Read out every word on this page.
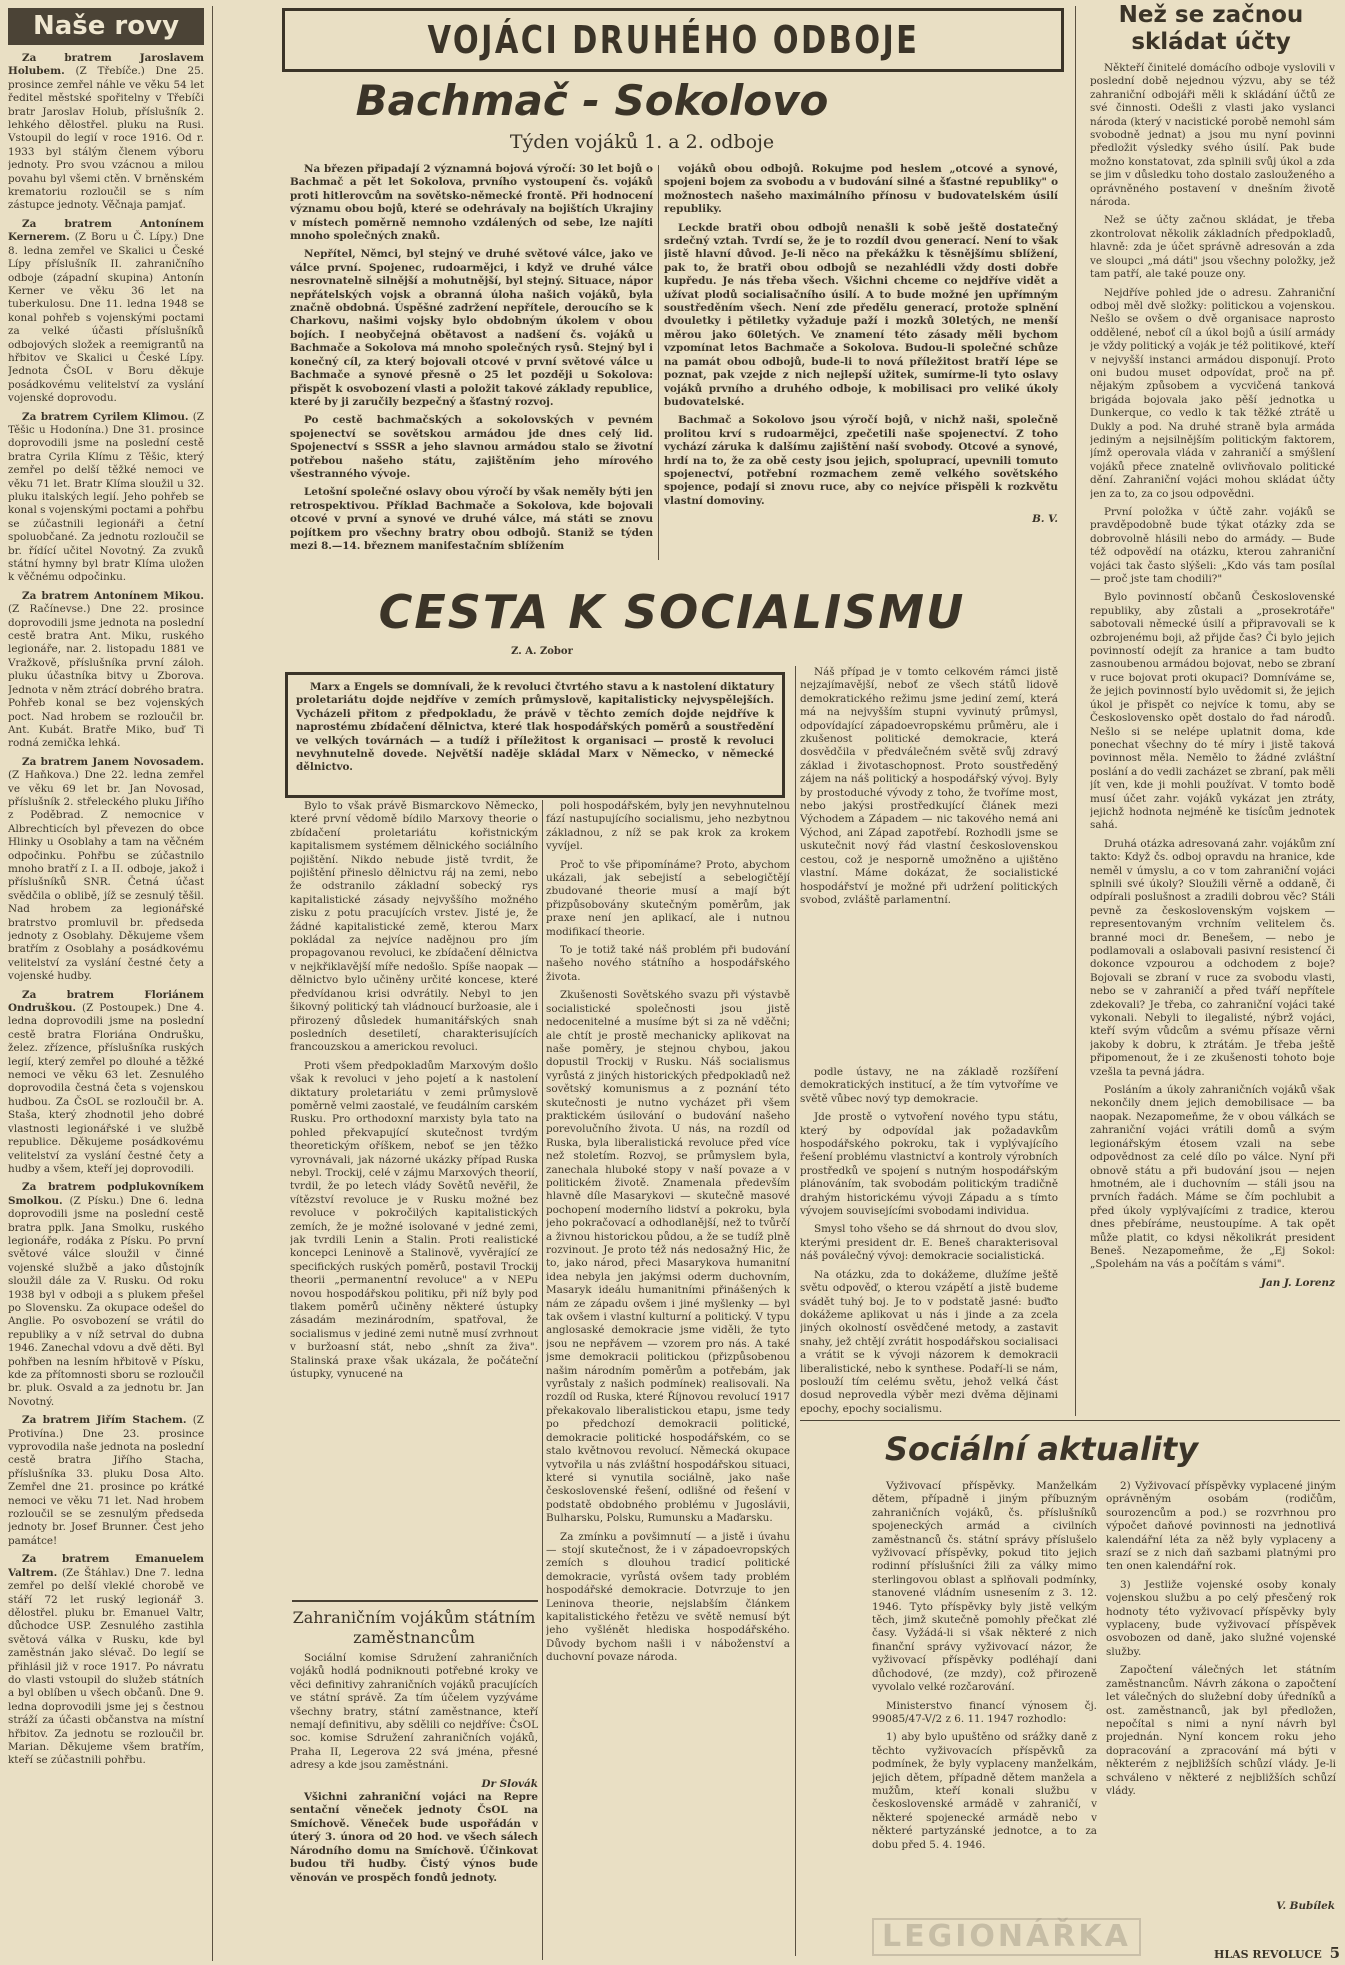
Naše rovy

Za bratrem Jaroslavem Holubem. (Z Třebíče.) Dne 25. prosince zemřel náhle ve věku 54 let ředitel městské spořitelny v Třebíči bratr Jaroslav Holub, příslušník 2. lehkého dělostřel. pluku na Rusi. Vstoupil do legií v roce 1916. Od r. 1933 byl stálým členem výboru jednoty. Pro svou vzácnou a milou povahu byl všemi ctěn. V brněnském krematoriu rozloučil se s ním zástupce jednoty. Věčnaja pamjať.

Za bratrem Antonínem Kernerem. (Z Boru u Č. Lípy.) Dne 8. ledna zemřel ve Skalici u České Lípy příslušník II. zahraničního odboje (západní skupina) Antonín Kerner ve věku 36 let na tuberkulosu. Dne 11. ledna 1948 se konal pohřeb s vojenskými poctami za velké účasti příslušníků odbojových složek a reemigrantů na hřbitov ve Skalici u České Lípy. Jednota ČsOL v Boru děkuje posádkovému velitelství za vyslání vojenské doprovodu.

Za bratrem Cyrilem Klimou. (Z Těšic u Hodonína.) Dne 31. prosince doprovodili jsme na poslední cestě bratra Cyrila Klímu z Těšic, který zemřel po delší těžké nemoci ve věku 71 let. Bratr Klíma sloužil u 32. pluku italských legií. Jeho pohřeb se konal s vojenskými poctami a pohřbu se zúčastnili legionáři a četní spoluobčané. Za jednotu rozloučil se br. řídící učitel Novotný. Za zvuků státní hymny byl bratr Klíma uložen k věčnému odpočinku.

Za bratrem Antonínem Mikou. (Z Račínevse.) Dne 22. prosince doprovodili jsme jednota na poslední cestě bratra Ant. Miku, ruského legionáře, nar. 2. listopadu 1881 ve Vražkově, příslušníka první záloh. pluku účastníka bitvy u Zborova. Jednota v něm ztrácí dobrého bratra. Pohřeb konal se bez vojenských poct. Nad hrobem se rozloučil br. Ant. Kubát. Bratře Miko, buď Ti rodná zemička lehká.

Za bratrem Janem Novosadem. (Z Haňkova.) Dne 22. ledna zemřel ve věku 69 let br. Jan Novosad, příslušník 2. střeleckého pluku Jiřího z Poděbrad. Z nemocnice v Albrechticích byl převezen do obce Hlinky u Osoblahy a tam na věčném odpočinku. Pohřbu se zúčastnilo mnoho bratří z I. a II. odboje, jakož i příslušníků SNR. Četná účast svědčila o oblibě, jíž se zesnulý těšil. Nad hrobem za legionářské bratrstvo promluvil br. předseda jednoty z Osoblahy. Děkujeme všem bratřím z Osoblahy a posádkovému velitelství za vyslání čestné čety a vojenské hudby.

Za bratrem Floriánem Ondruškou. (Z Postoupek.) Dne 4. ledna doprovodili jsme na poslední cestě bratra Floriána Ondrušku, želez. zřízence, příslušníka ruských legií, který zemřel po dlouhé a těžké nemoci ve věku 63 let. Zesnulého doprovodila čestná četa s vojenskou hudbou. Za ČsOL se rozloučil br. A. Staša, který zhodnotil jeho dobré vlastnosti legionářské i ve službě republice. Děkujeme posádkovému velitelství za vyslání čestné čety a hudby a všem, kteří jej doprovodili.

Za bratrem podplukovníkem Smolkou. (Z Písku.) Dne 6. ledna doprovodili jsme na poslední cestě bratra pplk. Jana Smolku, ruského legionáře, rodáka z Písku. Po první světové válce sloužil v činné vojenské službě a jako důstojník sloužil dále za V. Rusku. Od roku 1938 byl v odboji a s plukem přešel po Slovensku. Za okupace odešel do Anglie. Po osvobození se vrátil do republiky a v níž setrval do dubna 1946. Zanechal vdovu a dvě děti. Byl pohřben na lesním hřbitově v Písku, kde za přítomnosti sboru se rozloučil br. pluk. Osvald a za jednotu br. Jan Novotný.

Za bratrem Jiřím Stachem. (Z Protivína.) Dne 23. prosince vyprovodila naše jednota na poslední cestě bratra Jiřího Stacha, příslušníka 33. pluku Dosa Alto. Zemřel dne 21. prosince po krátké nemoci ve věku 71 let. Nad hrobem rozloučil se se zesnulým předseda jednoty br. Josef Brunner. Čest jeho památce!

Za bratrem Emanuelem Valtrem. (Ze Štáhlav.) Dne 7. ledna zemřel po delší vleklé chorobě ve stáří 72 let ruský legionář 3. dělostřel. pluku br. Emanuel Valtr, důchodce USP. Zesnulého zastihla světová válka v Rusku, kde byl zaměstnán jako slévač. Do legií se přihlásil již v roce 1917. Po návratu do vlasti vstoupil do služeb státních a byl oblíben u všech občanů. Dne 9. ledna doprovodili jsme jej s čestnou stráží za účasti občanstva na místní hřbitov. Za jednotu se rozloučil br. Marian. Děkujeme všem bratřím, kteří se zúčastnili pohřbu.

VOJÁCI DRUHÉHO ODBOJE
Bachmač - Sokolovo
Týden vojáků 1. a 2. odboje

Na březen připadají 2 významná bojová výročí: 30 let bojů o Bachmač a pět let Sokolova, prvního vystoupení čs. vojáků proti hitlerovcům na sovětsko-německé frontě. Při hodnocení významu obou bojů, které se odehrávaly na bojištích Ukrajiny v místech poměrně nemnoho vzdálených od sebe, lze najíti mnoho společných znaků.

Nepřítel, Němci, byl stejný ve druhé světové válce, jako ve válce první. Spojenec, rudoarmějci, i když ve druhé válce nesrovnatelně silnější a mohutnější, byl stejný. Situace, nápor nepřátelských vojsk a obranná úloha našich vojáků, byla značně obdobná. Úspěšné zadržení nepřítele, deroucího se k Charkovu, našimi vojsky bylo obdobným úkolem v obou bojích. I neobyčejná obětavost a nadšení čs. vojáků u Bachmače a Sokolova má mnoho společných rysů. Stejný byl i konečný cíl, za který bojovali otcové v první světové válce u Bachmače a synové přesně o 25 let později u Sokolova: přispět k osvobození vlasti a položit takové základy republice, které by ji zaručily bezpečný a šťastný rozvoj.

Po cestě bachmačských a sokolovských v pevném spojenectví se sovětskou armádou jde dnes celý lid. Spojenectví s SSSR a jeho slavnou armádou stalo se životní potřebou našeho státu, zajištěním jeho mírového všestranného vývoje.

Letošní společné oslavy obou výročí by však neměly býti jen retrospektivou. Příklad Bachmače a Sokolova, kde bojovali otcové v první a synové ve druhé válce, má státi se znovu pojítkem pro všechny bratry obou odbojů. Staniž se týden mezi 8.—14. březnem manifestačním sblížením

vojáků obou odbojů. Rokujme pod heslem „otcové a synové, spojeni bojem za svobodu a v budování silné a šťastné republiky" o možnostech našeho maximálního přínosu v budovatelském úsilí republiky.

Leckde bratři obou odbojů nenašli k sobě ještě dostatečný srdečný vztah. Tvrdí se, že je to rozdíl dvou generací. Není to však jistě hlavní důvod. Je-li něco na překážku k těsnějšímu sblížení, pak to, že bratři obou odbojů se nezahlédli vždy dosti dobře kupředu. Je nás třeba všech. Všichni chceme co nejdříve vidět a užívat plodů socialisačního úsilí. A to bude možné jen upřímným soustředěním všech. Není zde předělu generací, protože splnění dvouletky i pětiletky vyžaduje paží i mozků 30letých, ne menší měrou jako 60letých. Ve znamení této zásady měli bychom vzpomínat letos Bachmače a Sokolova. Budou-li společné schůze na památ obou odbojů, bude-li to nová příležitost bratří lépe se poznat, pak vzejde z nich nejlepší užitek, sumírme-li tyto oslavy vojáků prvního a druhého odboje, k mobilisaci pro veliké úkoly budovatelské.

Bachmač a Sokolovo jsou výročí bojů, v nichž naši, společně prolitou krví s rudoarmějci, zpečetili naše spojenectví. Z toho vychází záruka k dalšímu zajištění naší svobody. Otcové a synové, hrdí na to, že za obě cesty jsou jejich, spoluprací, upevnili tomuto spojenectví, potřební rozmachem země velkého sovětského spojence, podají si znovu ruce, aby co nejvíce přispěli k rozkvětu vlastní domoviny.

B. V.
CESTA K SOCIALISMU
Z. A. Zobor

Marx a Engels se domnívali, že k revoluci čtvrtého stavu a k nastolení diktatury proletariátu dojde nejdříve v zemích průmyslově, kapitalisticky nejvyspělejších. Vycházeli přitom z předpokladu, že právě v těchto zemích dojde nejdříve k naprostému zbídačení dělnictva, které tlak hospodářských poměrů a soustředění ve velkých továrnách — a tudíž i příležitost k organisaci — prostě k revoluci nevyhnutelně dovede. Největší naděje skládal Marx v Německo, v německé dělnictvo.

Náš případ je v tomto celkovém rámci jistě nejzajímavější, neboť ze všech států lidově demokratického režimu jsme jediní zemí, která má na nejvyšším stupni vyvinutý průmysl, odpovídající západoevropskému průměru, ale i zkušenost politické demokracie, která dosvědčila v předválečném světě svůj zdravý základ i životaschopnost. Proto soustředěný zájem na náš politický a hospodářský vývoj. Byly by prostoduché vývody z toho, že tvoříme most, nebo jakýsi prostředkující článek mezi Východem a Západem — nic takového nemá ani Východ, ani Západ zapotřebí. Rozhodli jsme se uskutečnit nový řád vlastní československou cestou, což je nesporně umožněno a ujištěno vlastní. Máme dokázat, že socialistické hospodářství je možné při udržení politických svobod, zvláště parlamentní.

Bylo to však právě Bismarckovo Německo, které první vědomě bídilo Marxovy theorie o zbídačení proletariátu kořistnickým kapitalismem systémem dělnického sociálního pojištění. Nikdo nebude jistě tvrdit, že pojištění přineslo dělnictvu ráj na zemi, nebo že odstranilo základní sobecký rys kapitalistické zásady nejvyššího možného zisku z potu pracujících vrstev. Jisté je, že žádné kapitalistické země, kterou Marx pokládal za nejvíce nadějnou pro jím propagovanou revoluci, ke zbídačení dělnictva v nejkřiklavější míře nedošlo. Spíše naopak — dělnictvo bylo učiněny určité koncese, které předvídanou krisi odvrátily. Nebyl to jen šikovný politický tah vládnoucí buržoasie, ale i přirozený důsledek humanitářských snah posledních desetiletí, charakterisujících francouzskou a americkou revoluci.

Proti všem předpokladům Marxovým došlo však k revoluci v jeho pojetí a k nastolení diktatury proletariátu v zemi průmyslově poměrně velmi zaostalé, ve feudálním carském Rusku. Pro orthodoxní marxisty byla tato na pohled překvapující skutečnost tvrdým theoretickým oříškem, neboť se jen těžko vyrovnávali, jak názorné ukázky případ Ruska nebyl. Trockij, celé v zájmu Marxových theorií, tvrdil, že po letech vlády Sovětů nevěřil, že vítězství revoluce je v Rusku možné bez revoluce v pokročilých kapitalistických zemích, že je možné isolované v jedné zemi, jak tvrdili Lenin a Stalin. Proti realistické koncepci Leninově a Stalinově, vyvěrající ze specifických ruských poměrů, postavil Trockij theorii „permanentní revoluce" a v NEPu novou hospodářskou politiku, při níž byly pod tlakem poměrů učiněny některé ústupky zásadám mezinárodním, spatřoval, že socialismus v jediné zemi nutně musí zvrhnout v buržoasní stát, nebo „shnít za živa". Stalinská praxe však ukázala, že počáteční ústupky, vynucené na

poli hospodářském, byly jen nevyhnutelnou fází nastupujícího socialismu, jeho nezbytnou základnou, z níž se pak krok za krokem vyvíjel.

Proč to vše připomínáme? Proto, abychom ukázali, jak sebejistí a sebelogičtějí zbudované theorie musí a mají být přizpůsobovány skutečným poměrům, jak praxe není jen aplikací, ale i nutnou modifikací theorie.

To je totiž také náš problém při budování našeho nového státního a hospodářského života.

Zkušenosti Sovětského svazu při výstavbě socialistické společnosti jsou jistě nedocenitelné a musíme být si za ně vděčni; ale chtít je prostě mechanicky aplikovat na naše poměry, je stejnou chybou, jakou dopustil Trockij v Rusku. Náš socialismus vyrůstá z jiných historických předpokladů než sovětský komunismus a z poznání této skutečnosti je nutno vycházet při všem praktickém úsilování o budování našeho porevolučního života. U nás, na rozdíl od Ruska, byla liberalistická revoluce před více než stoletím. Rozvoj, se průmyslem byla, zanechala hluboké stopy v naší povaze a v politickém životě. Znamenala především hlavně díle Masarykovi — skutečně masové pochopení moderního lidství a pokroku, byla jeho pokračovací a odhodlanější, než to tvůrčí a živnou historickou půdou, a že se tudíž plně rozvinout. Je proto též nás nedosažný Hic, že to, jako národ, přeci Masarykova humanitní idea nebyla jen jakýmsi oderm duchovním, Masaryk ideálu humanitními přinášených k nám ze západu ovšem i jiné myšlenky — byl tak ovšem i vlastní kulturní a politický. V typu anglosaské demokracie jsme viděli, že tyto jsou ne nepřávem — vzorem pro nás. A také jsme demokracii politickou (přizpůsobenou našim národním poměrům a potřebám, jak vyrůstaly z našich podmínek) realisovali. Na rozdíl od Ruska, které Říjnovou revolucí 1917 překakovalo liberalistickou etapu, jsme tedy po předchozí demokracii politické, demokracie politické hospodářském, co se stalo květnovou revolucí. Německá okupace vytvořila u nás zvláštní hospodářskou situaci, které si vynutila sociálně, jako naše československé řešení, odlišné od řešení v podstatě obdobného problému v Jugoslávii, Bulharsku, Polsku, Rumunsku a Maďarsku.

Za zmínku a povšimnutí — a jistě i úvahu — stojí skutečnost, že i v západoevropských zemích s dlouhou tradicí politické demokracie, vyrůstá ovšem tady problém hospodářské demokracie. Dotvrzuje to jen Leninova theorie, nejslabším článkem kapitalistického řetězu ve světě nemusí být jeho vyšlénět hlediska hospodářského. Důvody bychom našli i v náboženství a duchovní povaze národa.

podle ústavy, ne na základě rozšíření demokratických institucí, a že tím vytvoříme ve světě vůbec nový typ demokracie.

Jde prostě o vytvoření nového typu státu, který by odpovídal jak požadavkům hospodářského pokroku, tak i vyplývajícího řešení problému vlastnictví a kontroly výrobních prostředků ve spojení s nutným hospodářským plánováním, tak svobodám politickým tradičně drahým historickému vývoji Západu a s tímto vývojem souvisejícími svobodami individua.

Smysl toho všeho se dá shrnout do dvou slov, kterými president dr. E. Beneš charakterisoval náš poválečný vývoj: demokracie socialistická.

Na otázku, zda to dokážeme, dlužíme ještě světu odpověď, o kterou vzápětí a jistě budeme svádět tuhý boj. Je to v podstatě jasné: buďto dokážeme aplikovat u nás i jinde a za zcela jiných okolností osvědčené metody, a zastavit snahy, jež chtějí zvrátit hospodářskou socialisaci a vrátit se k vývoji názorem k demokracii liberalistické, nebo k synthese. Podaří-li se nám, poslouží tím celému světu, jehož velká část dosud neprovedla výběr mezi dvěma dějinami epochy, epochy socialismu.

Zahraničním vojákům státním zaměstnancům

Sociální komise Sdružení zahraničních vojáků hodlá podniknouti potřebné kroky ve věci definitivy zahraničních vojáků pracujících ve státní správě. Za tím účelem vyzýváme všechny bratry, státní zaměstnance, kteří nemají definitivu, aby sdělili co nejdříve: ČsOL soc. komise Sdružení zahraničních vojáků, Praha II, Legerova 22 svá jména, přesné adresy a kde jsou zaměstnáni.

Dr Slovák

Všichni zahraniční vojáci na Repre sentační věneček jednoty ČsOL na Smíchově. Věneček bude uspořádán v úterý 3. února od 20 hod. ve všech sálech Národního domu na Smíchově. Účinkovat budou tři hudby. Čistý výnos bude věnován ve prospěch fondů jednoty.

Než se začnou skládat účty

Někteří činitelé domácího odboje vyslovili v poslední době nejednou výzvu, aby se též zahraniční odbojáři měli k skládání účtů ze své činnosti. Odešli z vlasti jako vyslanci národa (který v nacistické porobě nemohl sám svobodně jednat) a jsou mu nyní povinni předložit výsledky svého úsilí. Pak bude možno konstatovat, zda splnili svůj úkol a zda se jim v důsledku toho dostalo zaslouženého a oprávněného postavení v dnešním životě národa.

Než se účty začnou skládat, je třeba zkontrolovat několik základních předpokladů, hlavně: zda je účet správně adresován a zda ve sloupci „má dáti" jsou všechny položky, jež tam patří, ale také pouze ony.

Nejdříve pohled jde o adresu. Zahraniční odboj měl dvě složky: politickou a vojenskou. Nešlo se ovšem o dvě organisace naprosto oddělené, neboť cíl a úkol bojů a úsilí armády je vždy politický a voják je též politikové, kteří v nejvyšší instanci armádou disponují. Proto oni budou muset odpovídat, proč na př. nějakým způsobem a vycvičená tanková brigáda bojovala jako pěší jednotka u Dunkerque, co vedlo k tak těžké ztrátě u Dukly a pod. Na druhé straně byla armáda jediným a nejsilnějším politickým faktorem, jímž operovala vláda v zahraničí a smýšlení vojáků přece znatelně ovlivňovalo politické dění. Zahraniční vojáci mohou skládat účty jen za to, za co jsou odpovědni.

První položka v účtě zahr. vojáků se pravděpodobně bude týkat otázky zda se dobrovolně hlásili nebo do armády. — Bude též odpovědí na otázku, kterou zahraniční vojáci tak často slýšeli: „Kdo vás tam posílal — proč jste tam chodili?"

Bylo povinností občanů Československé republiky, aby zůstali a „prosekrotáře" sabotovali německé úsilí a připravovali se k ozbrojenému boji, až přijde čas? Či bylo jejich povinností odejít za hranice a tam budto zasnoubenou armádou bojovat, nebo se zbraní v ruce bojovat proti okupaci? Domníváme se, že jejich povinností bylo uvědomit si, že jejich úkol je přispět co nejvíce k tomu, aby se Československo opět dostalo do řad národů. Nešlo si se nelépe uplatnit doma, kde ponechat všechny do té míry i jistě taková povinnost měla. Nemělo to žádné zvláštní poslání a do vedli zacházet se zbraní, pak měli jít ven, kde ji mohli používat. V tomto bodě musí účet zahr. vojáků vykázat jen ztráty, jejichž hodnota nejméně ke tisícům jednotek sahá.

Druhá otázka adresovaná zahr. vojákům zní takto: Když čs. odboj opravdu na hranice, kde neměl v úmyslu, a co v tom zahraniční vojáci splnili své úkoly? Sloužili věrně a oddaně, či odpírali poslušnost a zradili dobrou věc? Stáli pevně za československým vojskem — representovaným vrchním velitelem čs. branné moci dr. Benešem, — nebo je podlamovali a oslabovali pasivní resistencí či dokonce vzpourou a odchodem z boje? Bojovali se zbraní v ruce za svobodu vlasti, nebo se v zahraničí a před tváří nepřítele zdekovali? Je třeba, co zahraniční vojáci také vykonali. Nebyli to ilegalisté, nýbrž vojáci, kteří svým vůdcům a svému přísaze věrni jakoby k dobru, k ztrátám. Je třeba ještě připomenout, že i ze zkušenosti tohoto boje vzešla ta pevná jádra.

Posláním a úkoly zahraničních vojáků však nekončily dnem jejich demobilisace — ba naopak. Nezapomeňme, že v obou válkách se zahraniční vojáci vrátili domů a svým legionářským étosem vzali na sebe odpovědnost za celé dílo po válce. Nyní při obnově státu a při budování jsou — nejen hmotném, ale i duchovním — stáli jsou na prvních řadách. Máme se čím pochlubit a před úkoly vyplývajícími z tradice, kterou dnes přebíráme, neustoupíme. A tak opět může platit, co kdysi několikrát president Beneš. Nezapomeňme, že „Ej Sokol: „Spolehám na vás a počítám s vámi".

Jan J. Lorenz
Sociální aktuality

Vyživovací příspěvky. Manželkám dětem, případně i jiným příbuzným zahraničních vojáků, čs. příslušníků spojeneckých armád a civilních zaměstnanců čs. státní správy příslušelo vyživovací příspěvky, pokud tito jejich rodinní příslušníci žili za války mimo sterlingovou oblast a splňovali podmínky, stanovené vládním usnesením z 3. 12. 1946. Tyto příspěvky byly jistě velkým těch, jimž skutečně pomohly přečkat zlé časy. Vyžádá-li si však některé z nich finanční správy vyživovací názor, že vyživovací příspěvky podléhají dani důchodové, (ze mzdy), což přirozeně vyvolalo velké rozčarování.

Ministerstvo financí výnosem čj. 99085/47-V/2 z 6. 11. 1947 rozhodlo:

1) aby bylo upuštěno od srážky daně z těchto vyživovacích příspěvků za podmínek, že byly vyplaceny manželkám, jejich dětem, případně dětem manžela a mužům, kteří konali službu v československé armádě v zahraničí, v některé spojenecké armádě nebo v některé partyzánské jednotce, a to za dobu před 5. 4. 1946.

2) Vyživovací příspěvky vyplacené jiným oprávněným osobám (rodičům, sourozencům a pod.) se rozvrhnou pro výpočet daňové povinnosti na jednotlivá kalendářní léta za něž byly vyplaceny a srazí se z nich daň sazbami platnými pro ten onen kalendářní rok.

3) Jestliže vojenské osoby konaly vojenskou službu a po celý přesčený rok hodnoty této vyživovací příspěvky byly vyplaceny, bude vyživovací příspěvek osvobozen od daně, jako služné vojenské služby.

Započtení válečných let státním zaměstnancům. Návrh zákona o započtení let válečných do služební doby úředníků a ost. zaměstnanců, jak byl předložen, nepočítal s nimi a nyní návrh byl projednán. Nyní koncem roku jeho dopracování a zpracování má býti v některém z nejbližších schůzí vlády. Je-li schváleno v některé z nejbližších schůzí vlády.

V. Bubílek
LEGIONÁŘKA
HLAS REVOLUCE 5
